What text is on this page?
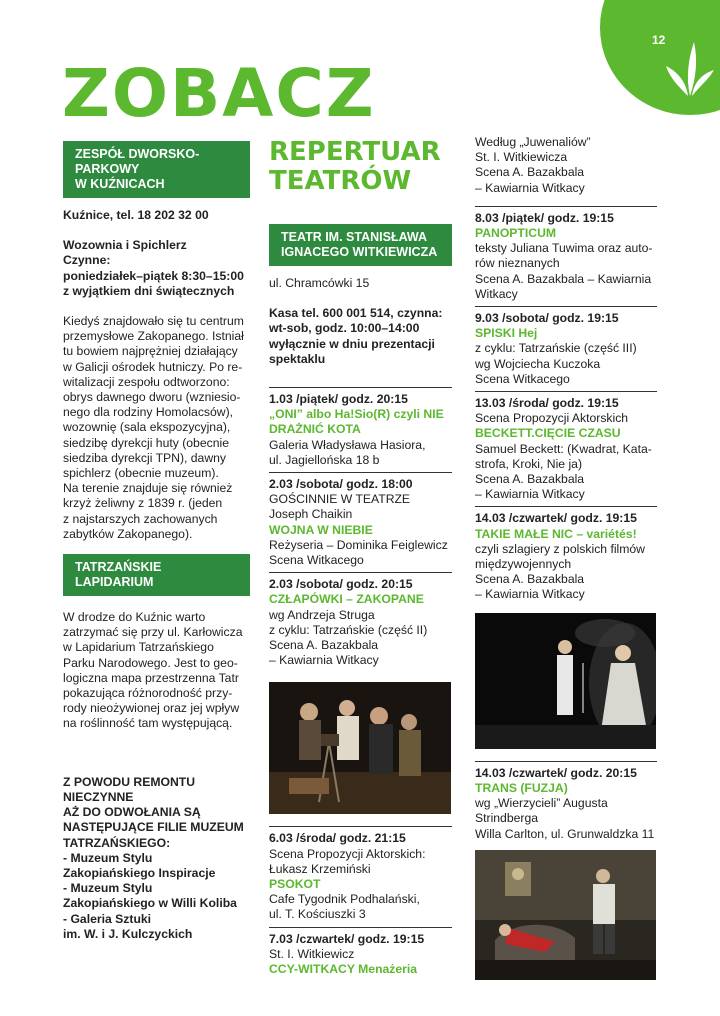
12
ZOBACZ
ZESPÓŁ DWORSKO-
PARKOWY
W KUŹNICACH
Kuźnice, tel. 18 202 32 00
Wozownia i Spichlerz
Czynne:
poniedziałek–piątek 8:30–15:00
z wyjątkiem dni świątecznych
Kiedyś znajdowało się tu centrum
przemysłowe Zakopanego. Istniał
tu bowiem najprężniej działający
w Galicji ośrodek hutniczy. Po re-
witalizacji zespołu odtworzono:
obrys dawnego dworu (wzniesio-
nego dla rodziny Homolacsów),
wozownię (sala ekspozycyjna),
siedzibę dyrekcji huty (obecnie
siedziba dyrekcji TPN), dawny
spichlerz (obecnie muzeum).
Na terenie znajduje się również
krzyż żeliwny z 1839 r. (jeden
z najstarszych zachowanych
zabytków Zakopanego).
TATRZAŃSKIE
LAPIDARIUM
W drodze do Kuźnic warto
zatrzymać się przy ul. Karłowicza
w Lapidarium Tatrzańskiego
Parku Narodowego. Jest to geo-
logiczna mapa przestrzenna Tatr
pokazująca różnorodność przy-
rody nieożywionej oraz jej wpływ
na roślinność tam występującą.
Z POWODU REMONTU
NIECZYNNE
AŻ DO ODWOŁANIA SĄ
NASTĘPUJĄCE FILIE MUZEUM
TATRZAŃSKIEGO:
- Muzeum Stylu
Zakopiańskiego Inspiracje
- Muzeum Stylu
Zakopiańskiego w Willi Koliba
- Galeria Sztuki
im. W. i J. Kulczyckich
REPERTUAR
TEATRÓW
TEATR IM. STANISŁAWA
IGNACEGO WITKIEWICZA
ul. Chramcówki 15
Kasa tel. 600 001 514, czynna:
wt-sob, godz. 10:00–14:00
wyłącznie w dniu prezentacji
spektaklu
1.03 /piątek/ godz. 20:15
„ONI” albo Ha!Sio(R) czyli NIE
DRAŻNIĆ KOTA
Galeria Władysława Hasiora,
ul. Jagiellońska 18 b
2.03 /sobota/ godz. 18:00
GOŚCINNIE W TEATRZE
Joseph Chaikin
WOJNA W NIEBIE
Reżyseria – Dominika Feiglewicz
Scena Witkacego
2.03 /sobota/ godz. 20:15
CZŁAPÓWKI – ZAKOPANE
wg Andrzeja Struga
z cyklu: Tatrzańskie (część II)
Scena A. Bazakbala
– Kawiarnia Witkacy
6.03 /środa/ godz. 21:15
Scena Propozycji Aktorskich:
Łukasz Krzemiński
PSOKOT
Cafe Tygodnik Podhalański,
ul. T. Kościuszki 3
7.03 /czwartek/ godz. 19:15
St. I. Witkiewicz
CCY-WITKACY Menażeria
Według „Juwenaliów”
St. I. Witkiewicza
Scena A. Bazakbala
– Kawiarnia Witkacy
8.03 /piątek/ godz. 19:15
PANOPTICUM
teksty Juliana Tuwima oraz auto-
rów nieznanych
Scena A. Bazakbala – Kawiarnia
Witkacy
9.03 /sobota/ godz. 19:15
SPISKI Hej
z cyklu: Tatrzańskie (część III)
wg Wojciecha Kuczoka
Scena Witkacego
13.03 /środa/ godz. 19:15
Scena Propozycji Aktorskich
BECKETT.CIĘCIE CZASU
Samuel Beckett: (Kwadrat, Kata-
strofa, Kroki, Nie ja)
Scena A. Bazakbala
– Kawiarnia Witkacy
14.03 /czwartek/ godz. 19:15
TAKIE MAŁE NIC – variétés!
czyli szlagiery z polskich filmów
międzywojennych
Scena A. Bazakbala
– Kawiarnia Witkacy
14.03 /czwartek/ godz. 20:15
TRANS (FUZJA)
wg „Wierzycieli” Augusta
Strindberga
Willa Carlton, ul. Grunwaldzka 11
